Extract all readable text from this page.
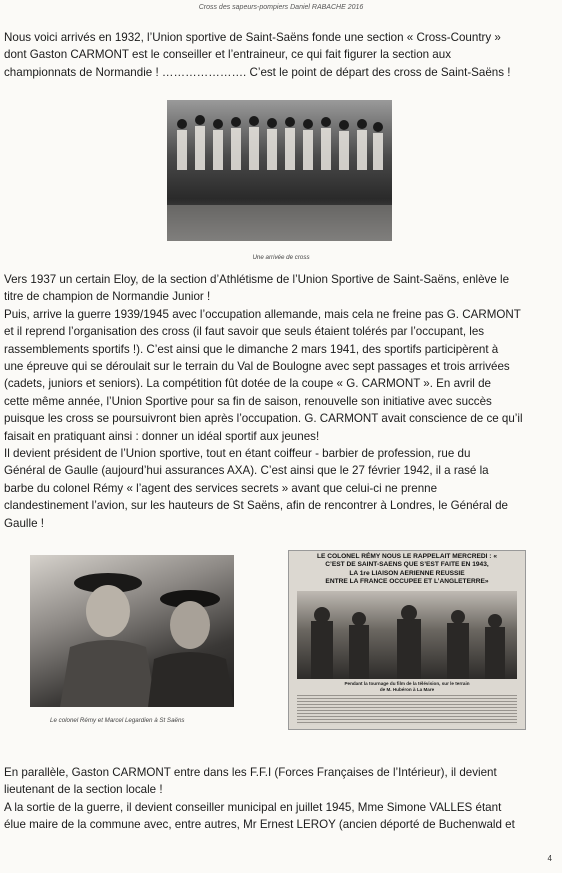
Cross des sapeurs-pompiers Daniel RABACHE 2016

Nous voici arrivés en 1932, l’Union sportive de Saint-Saëns fonde une section « Cross-Country »

dont Gaston CARMONT est le conseiller et l’entraineur, ce qui fait figurer la section aux

championnats de Normandie ! …………………. C’est le point de départ des cross de Saint-Saëns !

Une arrivée de cross

Vers 1937 un certain Eloy, de la section d’Athlétisme de l’Union Sportive de Saint-Saëns, enlève le

titre de champion de Normandie Junior !

Puis, arrive la guerre 1939/1945 avec l’occupation allemande, mais cela ne freine pas G. CARMONT

et il reprend l’organisation des cross (il faut savoir que seuls étaient tolérés par l’occupant, les

rassemblements sportifs !). C’est ainsi que le dimanche 2 mars 1941, des sportifs participèrent à

une épreuve qui se déroulait sur le terrain du Val de Boulogne avec sept passages et trois arrivées

(cadets, juniors et seniors). La compétition fût dotée de la coupe « G. CARMONT ». En avril de

cette même année, l’Union Sportive pour sa fin de saison, renouvelle son initiative avec succès

puisque les cross se poursuivront bien après l’occupation. G. CARMONT avait conscience de ce qu’il

faisait en pratiquant ainsi : donner un idéal sportif aux jeunes!

Il devient président de l’Union sportive, tout en étant coiffeur - barbier de profession, rue du

Général de Gaulle (aujourd’hui assurances AXA). C’est ainsi que le 27 février 1942, il a rasé la

barbe du colonel Rémy « l’agent des services secrets » avant que celui-ci ne prenne

clandestinement l’avion, sur les hauteurs de St Saëns, afin de rencontrer à Londres, le Général de

Gaulle !

Le colonel Rémy et Marcel Legardien à St Saëns
LE COLONEL RÉMY NOUS LE RAPPELAIT MERCREDI : «
C’EST DE SAINT-SAENS QUE S’EST FAITE EN 1943,
LA 1re LIAISON AERIENNE REUSSIE
ENTRE LA FRANCE OCCUPEE ET L’ANGLETERRE»
Pendant la tournage du film de la télévision, sur le terrain
de M. Hubéron à La Mare

En parallèle, Gaston CARMONT entre dans les F.F.I (Forces Françaises de l’Intérieur), il devient

lieutenant de la section locale !

A la sortie de la guerre, il devient conseiller municipal en juillet 1945, Mme Simone VALLES étant

élue maire de la commune avec, entre autres, Mr Ernest LEROY (ancien déporté de Buchenwald et

4
